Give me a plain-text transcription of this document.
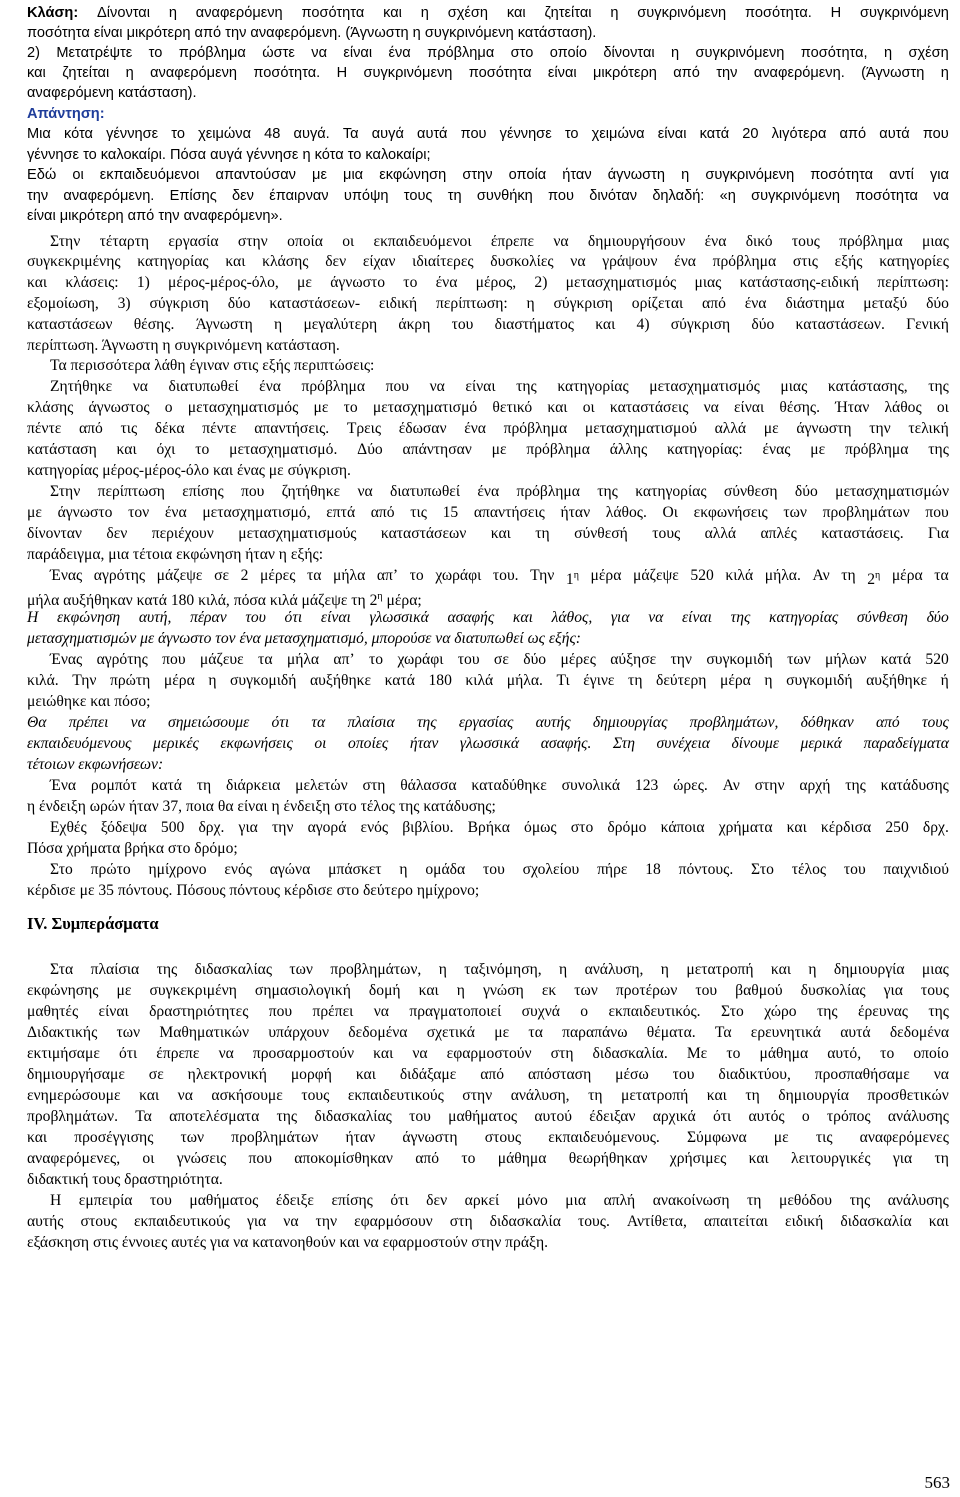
Κλάση: Δίνονται η αναφερόμενη ποσότητα και η σχέση και ζητείται η συγκρινόμενη ποσότητα. Η συγκρινόμενη
ποσότητα είναι μικρότερη από την αναφερόμενη. (Άγνωστη η συγκρινόμενη κατάσταση).
2) Μετατρέψτε το πρόβλημα ώστε να είναι ένα πρόβλημα στο οποίο δίνονται η συγκρινόμενη ποσότητα, η σχέση
και ζητείται η αναφερόμενη ποσότητα. Η συγκρινόμενη ποσότητα είναι μικρότερη από την αναφερόμενη. (Άγνωστη η
αναφερόμενη κατάσταση).
Απάντηση:
Μια κότα γέννησε το χειμώνα 48 αυγά. Τα αυγά αυτά που γέννησε το χειμώνα είναι κατά 20 λιγότερα από αυτά που
γέννησε το καλοκαίρι. Πόσα αυγά γέννησε η κότα το καλοκαίρι;
Εδώ οι εκπαιδευόμενοι απαντούσαν με μια εκφώνηση στην οποία ήταν άγνωστη η συγκρινόμενη ποσότητα αντί για
την αναφερόμενη. Επίσης δεν έπαιρναν υπόψη τους τη συνθήκη που δινόταν δηλαδή: «η συγκρινόμενη ποσότητα να
είναι μικρότερη από την αναφερόμενη».
Στην τέταρτη εργασία στην οποία οι εκπαιδευόμενοι έπρεπε να δημιουργήσουν ένα δικό τους πρόβλημα μιας
συγκεκριμένης κατηγορίας και κλάσης δεν είχαν ιδιαίτερες δυσκολίες να γράψουν ένα πρόβλημα στις εξής κατηγορίες
και κλάσεις: 1) μέρος-μέρος-όλο, με άγνωστο το ένα μέρος, 2) μετασχηματισμός μιας κατάστασης-ειδική περίπτωση:
εξομοίωση, 3) σύγκριση δύο καταστάσεων- ειδική περίπτωση: η σύγκριση ορίζεται από ένα διάστημα μεταξύ δύο
καταστάσεων θέσης. Άγνωστη η μεγαλύτερη άκρη του διαστήματος και 4) σύγκριση δύο καταστάσεων. Γενική
περίπτωση. Άγνωστη η συγκρινόμενη κατάσταση.
Τα περισσότερα λάθη έγιναν στις εξής περιπτώσεις:
Ζητήθηκε να διατυπωθεί ένα πρόβλημα που να είναι της κατηγορίας μετασχηματισμός μιας κατάστασης, της
κλάσης άγνωστος ο μετασχηματισμός με το μετασχηματισμό θετικό και οι καταστάσεις να είναι θέσης. Ήταν λάθος οι
πέντε από τις δέκα πέντε απαντήσεις. Τρεις έδωσαν ένα πρόβλημα μετασχηματισμού αλλά με άγνωστη την τελική
κατάσταση και όχι το μετασχηματισμό. Δύο απάντησαν με πρόβλημα άλλης κατηγορίας: ένας με πρόβλημα της
κατηγορίας μέρος-μέρος-όλο και ένας με σύγκριση.
Στην περίπτωση επίσης που ζητήθηκε να διατυπωθεί ένα πρόβλημα της κατηγορίας σύνθεση δύο μετασχηματισμών
με άγνωστο τον ένα μετασχηματισμό, επτά από τις 15 απαντήσεις ήταν λάθος. Οι εκφωνήσεις των προβλημάτων που
δίνονταν δεν περιέχουν μετασχηματισμούς καταστάσεων και τη σύνθεσή τους αλλά απλές καταστάσεις. Για
παράδειγμα, μια τέτοια εκφώνηση ήταν η εξής:
Ένας αγρότης μάζεψε σε 2 μέρες τα μήλα απ’ το χωράφι του. Την $1^\eta$ μέρα μάζεψε 520 κιλά μήλα. Αν τη $2^\eta$ μέρα τα
μήλα αυξήθηκαν κατά 180 κιλά, πόσα κιλά μάζεψε τη $2^\eta$ μέρα;
Η εκφώνηση αυτή, πέραν του ότι είναι γλωσσικά ασαφής και λάθος, για να είναι της κατηγορίας σύνθεση δύο
μετασχηματισμών με άγνωστο τον ένα μετασχηματισμό, μπορούσε να διατυπωθεί ως εξής:
Ένας αγρότης που μάζευε τα μήλα απ’ το χωράφι του σε δύο μέρες αύξησε την συγκομιδή των μήλων κατά 520
κιλά. Την πρώτη μέρα η συγκομιδή αυξήθηκε κατά 180 κιλά μήλα. Τι έγινε τη δεύτερη μέρα η συγκομιδή αυξήθηκε ή
μειώθηκε και πόσο;
Θα πρέπει να σημειώσουμε ότι τα πλαίσια της εργασίας αυτής δημιουργίας προβλημάτων, δόθηκαν από τους
εκπαιδευόμενους μερικές εκφωνήσεις οι οποίες ήταν γλωσσικά ασαφής. Στη συνέχεια δίνουμε μερικά παραδείγματα
τέτοιων εκφωνήσεων:
Ένα ρομπότ κατά τη διάρκεια μελετών στη θάλασσα καταδύθηκε συνολικά 123 ώρες. Αν στην αρχή της κατάδυσης
η ένδειξη ωρών ήταν 37, ποια θα είναι η ένδειξη στο τέλος της κατάδυσης;
Εχθές ξόδεψα 500 δρχ. για την αγορά ενός βιβλίου. Βρήκα όμως στο δρόμο κάποια χρήματα και κέρδισα 250 δρχ.
Πόσα χρήματα βρήκα στο δρόμο;
Στο πρώτο ημίχρονο ενός αγώνα μπάσκετ η ομάδα του σχολείου πήρε 18 πόντους. Στο τέλος του παιχνιδιού
κέρδισε με 35 πόντους. Πόσους πόντους κέρδισε στο δεύτερο ημίχρονο;
IV. Συμπεράσματα
Στα πλαίσια της διδασκαλίας των προβλημάτων, η ταξινόμηση, η ανάλυση, η μετατροπή και η δημιουργία μιας
εκφώνησης με συγκεκριμένη σημασιολογική δομή και η γνώση εκ των προτέρων του βαθμού δυσκολίας για τους
μαθητές είναι δραστηριότητες που πρέπει να πραγματοποιεί συχνά ο εκπαιδευτικός. Στο χώρο της έρευνας της
Διδακτικής των Μαθηματικών υπάρχουν δεδομένα σχετικά με τα παραπάνω θέματα. Τα ερευνητικά αυτά δεδομένα
εκτιμήσαμε ότι έπρεπε να προσαρμοστούν και να εφαρμοστούν στη διδασκαλία. Με το μάθημα αυτό, το οποίο
δημιουργήσαμε σε ηλεκτρονική μορφή και διδάξαμε από απόσταση μέσω του διαδικτύου, προσπαθήσαμε να
ενημερώσουμε και να ασκήσουμε τους εκπαιδευτικούς στην ανάλυση, τη μετατροπή και τη δημιουργία προσθετικών
προβλημάτων. Τα αποτελέσματα της διδασκαλίας του μαθήματος αυτού έδειξαν αρχικά ότι αυτός ο τρόπος ανάλυσης
και προσέγγισης των προβλημάτων ήταν άγνωστη στους εκπαιδευόμενους. Σύμφωνα με τις αναφερόμενες
αναφερόμενες, οι γνώσεις που αποκομίσθηκαν από το μάθημα θεωρήθηκαν χρήσιμες και λειτουργικές για τη
διδακτική τους δραστηριότητα.
Η εμπειρία του μαθήματος έδειξε επίσης ότι δεν αρκεί μόνο μια απλή ανακοίνωση τη μεθόδου της ανάλυσης
αυτής στους εκπαιδευτικούς για να την εφαρμόσουν στη διδασκαλία τους. Αντίθετα, απαιτείται ειδική διδασκαλία και
εξάσκηση στις έννοιες αυτές για να κατανοηθούν και να εφαρμοστούν στην πράξη.
563
